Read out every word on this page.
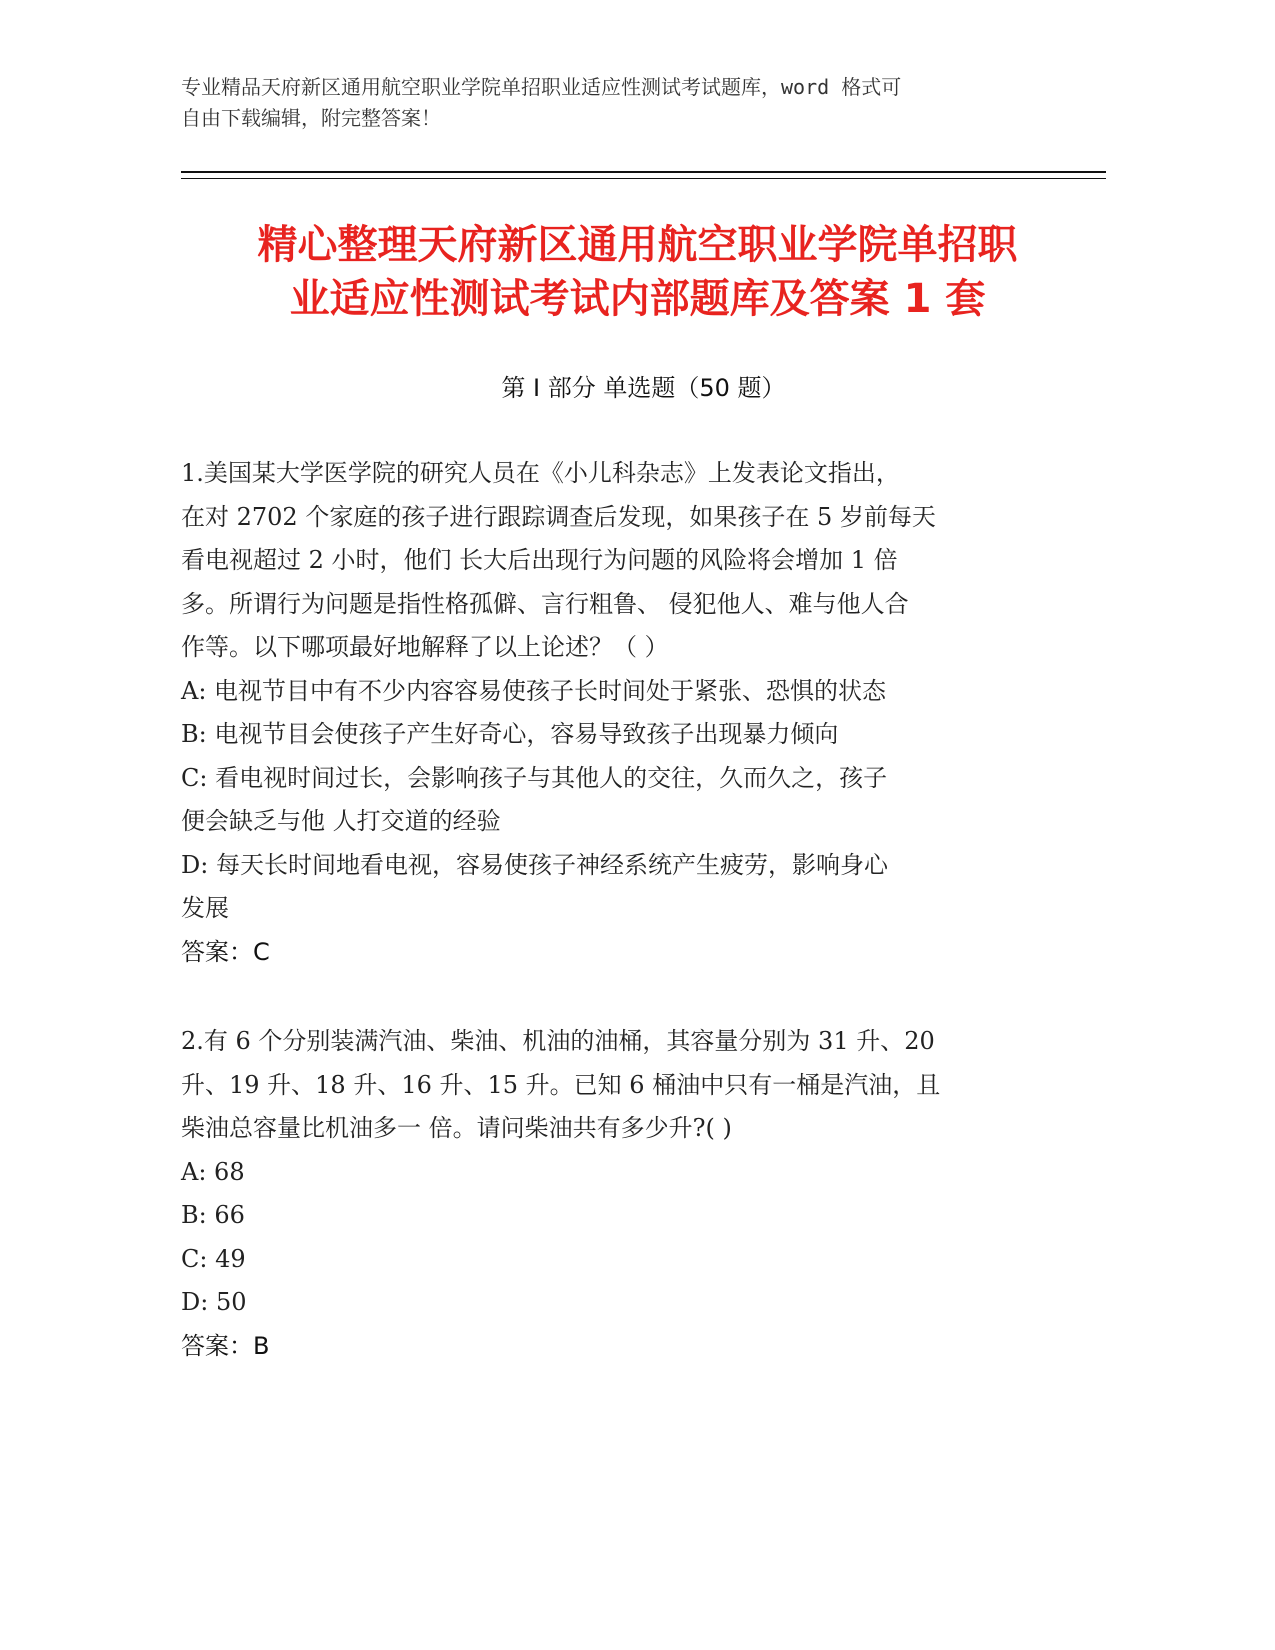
专业精品天府新区通用航空职业学院单招职业适应性测试考试题库，word 格式可
自由下载编辑，附完整答案！
精心整理天府新区通用航空职业学院单招职
业适应性测试考试内部题库及答案 1 套
第 I 部分 单选题（50 题）
1.美国某大学医学院的研究人员在《小儿科杂志》上发表论文指出，
在对 2702 个家庭的孩子进行跟踪调查后发现，如果孩子在 5 岁前每天
看电视超过 2 小时，他们 长大后出现行为问题的风险将会增加 1 倍
多。所谓行为问题是指性格孤僻、言行粗鲁、 侵犯他人、难与他人合
作等。以下哪项最好地解释了以上论述？（ ）
A: 电视节目中有不少内容容易使孩子长时间处于紧张、恐惧的状态
B: 电视节目会使孩子产生好奇心，容易导致孩子出现暴力倾向
C: 看电视时间过长，会影响孩子与其他人的交往，久而久之，孩子
便会缺乏与他 人打交道的经验
D: 每天长时间地看电视，容易使孩子神经系统产生疲劳，影响身心
发展
答案：C
2.有 6 个分别装满汽油、柴油、机油的油桶，其容量分别为 31 升、20
升、19 升、18 升、16 升、15 升。已知 6 桶油中只有一桶是汽油，且
柴油总容量比机油多一 倍。请问柴油共有多少升?( )
A: 68
B: 66
C: 49
D: 50
答案：B
